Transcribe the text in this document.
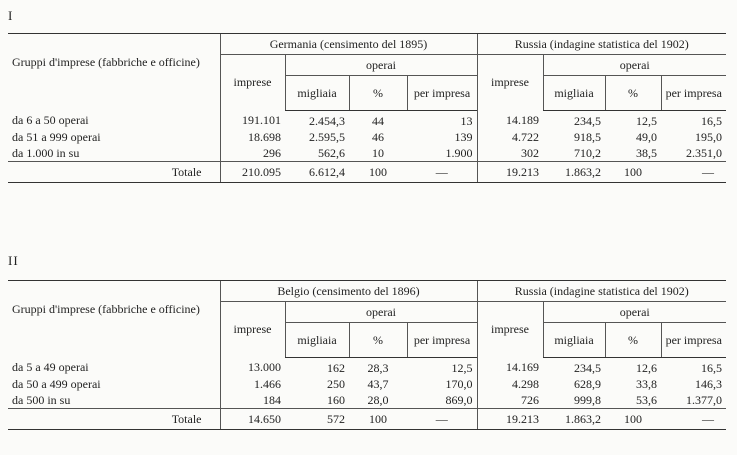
I
Gruppi d'imprese (fabbriche e officine)	Germania (censimento del 1895)				Russia (indagine statistica del 1902)			
	imprese	operai			imprese	operai		
		migliaia	%	per impresa		migliaia	%	per impresa
da 6 a 50 operai	191.101	2.454,3	44	13	14.189	234,5	12,5	16,5
da 51 a 999 operai	18.698	2.595,5	46	139	4.722	918,5	49,0	195,0
da 1.000 in su	296	562,6	10	1.900	302	710,2	38,5	2.351,0
Totale	210.095	6.612,4	100	—	19.213	1.863,2	100	—
II
Gruppi d'imprese (fabbriche e officine)	Belgio (censimento del 1896)				Russia (indagine statistica del 1902)			
	imprese	operai			imprese	operai		
		migliaia	%	per impresa		migliaia	%	per impresa
da 5 a 49 operai	13.000	162	28,3	12,5	14.169	234,5	12,6	16,5
da 50 a 499 operai	1.466	250	43,7	170,0	4.298	628,9	33,8	146,3
da 500 in su	184	160	28,0	869,0	726	999,8	53,6	1.377,0
Totale	14.650	572	100	—	19.213	1.863,2	100	—
